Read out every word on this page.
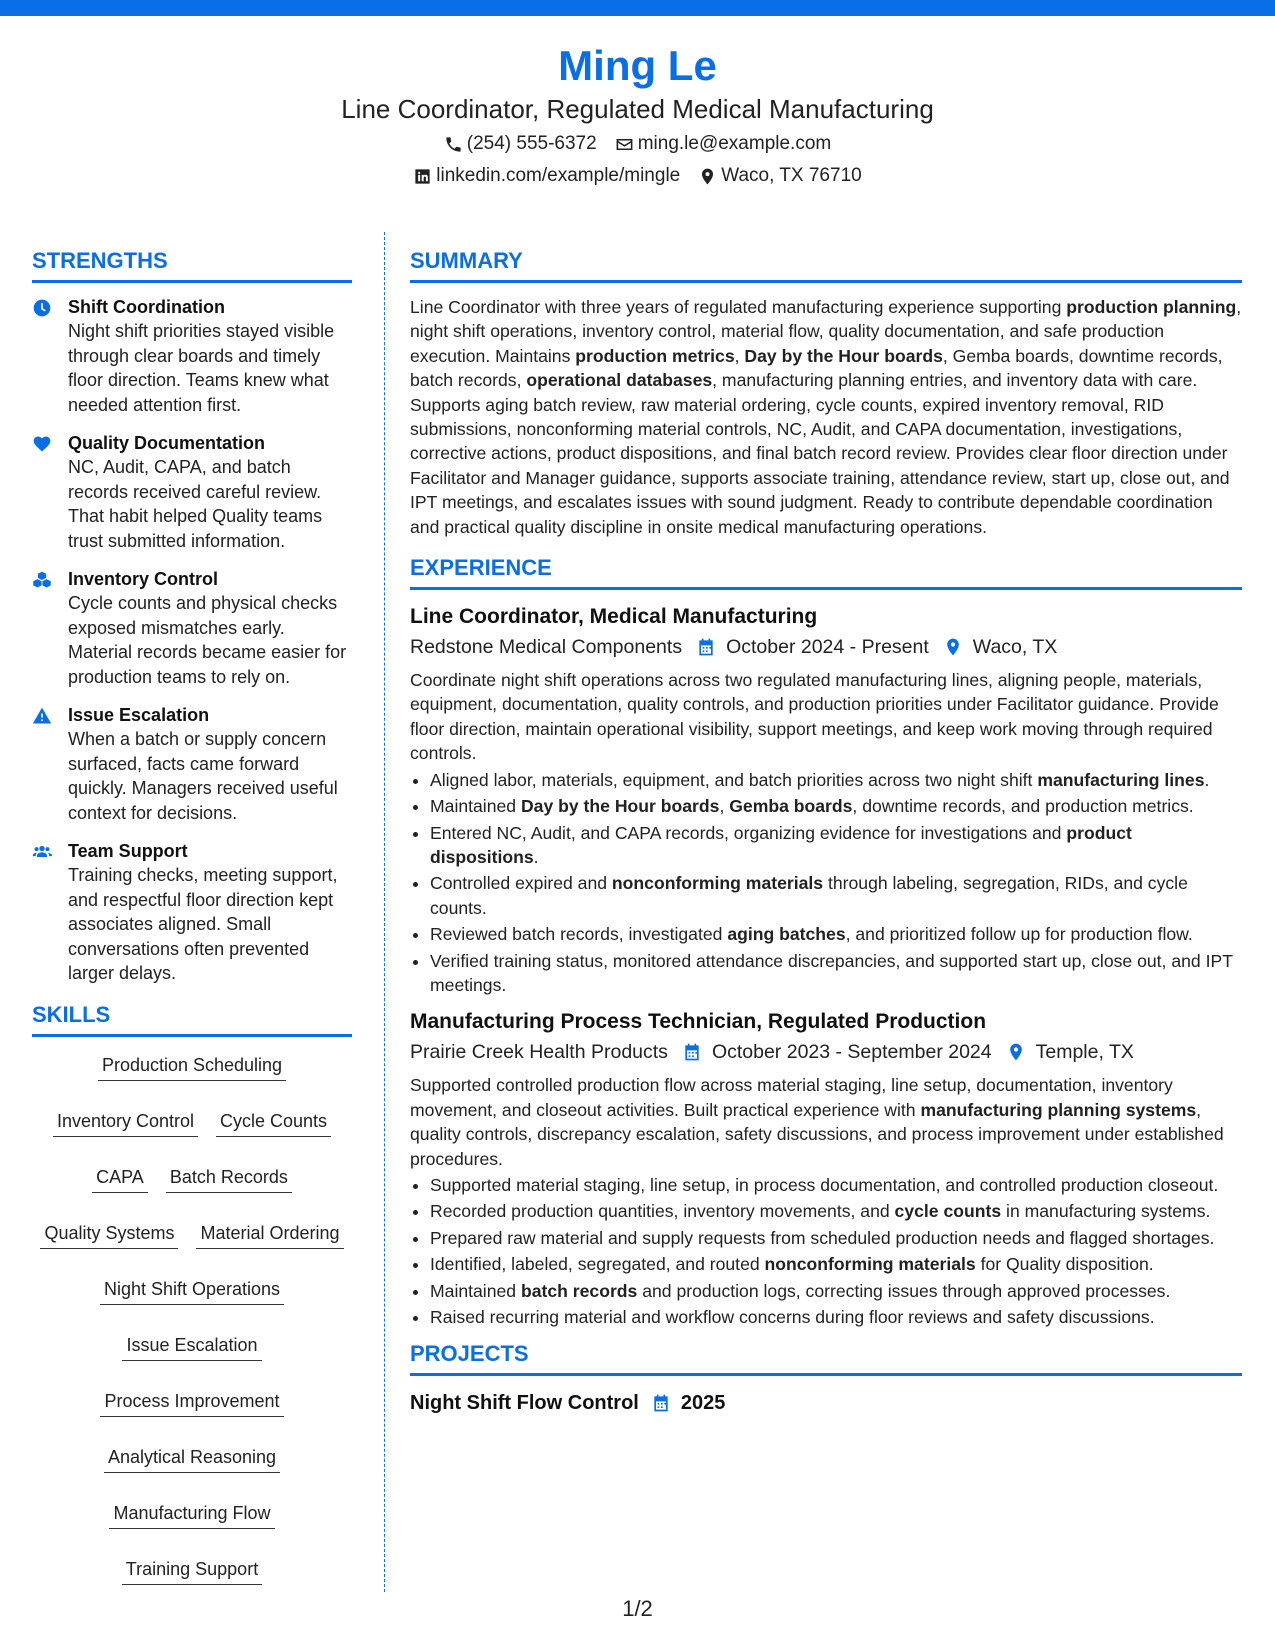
Ming Le
Line Coordinator, Regulated Medical Manufacturing
(254) 555-6372 ming.le@example.com
linkedin.com/example/mingle Waco, TX 76710
STRENGTHS
Shift Coordination

Night shift priorities stayed visible through clear boards and timely floor direction. Teams knew what needed attention first.

Quality Documentation

NC, Audit, CAPA, and batch records received careful review. That habit helped Quality teams trust submitted information.

Inventory Control

Cycle counts and physical checks exposed mismatches early. Material records became easier for production teams to rely on.

Issue Escalation

When a batch or supply concern surfaced, facts came forward quickly. Managers received useful context for decisions.

Team Support

Training checks, meeting support, and respectful floor direction kept associates aligned. Small conversations often prevented larger delays.

SKILLS
Production Scheduling
Inventory Control Cycle Counts
CAPA Batch Records
Quality Systems Material Ordering
Night Shift Operations
Issue Escalation
Process Improvement
Analytical Reasoning
Manufacturing Flow
Training Support
SUMMARY

Line Coordinator with three years of regulated manufacturing experience supporting production planning, night shift operations, inventory control, material flow, quality documentation, and safe production execution. Maintains production metrics, Day by the Hour boards, Gemba boards, downtime records, batch records, operational databases, manufacturing planning entries, and inventory data with care. Supports aging batch review, raw material ordering, cycle counts, expired inventory removal, RID submissions, nonconforming material controls, NC, Audit, and CAPA documentation, investigations, corrective actions, product dispositions, and final batch record review. Provides clear floor direction under Facilitator and Manager guidance, supports associate training, attendance review, start up, close out, and IPT meetings, and escalates issues with sound judgment. Ready to contribute dependable coordination and practical quality discipline in onsite medical manufacturing operations.

EXPERIENCE
Line Coordinator, Medical Manufacturing
Redstone Medical Components October 2024 - Present Waco, TX

Coordinate night shift operations across two regulated manufacturing lines, aligning people, materials, equipment, documentation, quality controls, and production priorities under Facilitator guidance. Provide floor direction, maintain operational visibility, support meetings, and keep work moving through required controls.

• Aligned labor, materials, equipment, and batch priorities across two night shift manufacturing lines.
• Maintained Day by the Hour boards, Gemba boards, downtime records, and production metrics.
• Entered NC, Audit, and CAPA records, organizing evidence for investigations and product dispositions.
• Controlled expired and nonconforming materials through labeling, segregation, RIDs, and cycle counts.
• Reviewed batch records, investigated aging batches, and prioritized follow up for production flow.
• Verified training status, monitored attendance discrepancies, and supported start up, close out, and IPT meetings.
Manufacturing Process Technician, Regulated Production
Prairie Creek Health Products October 2023 - September 2024 Temple, TX

Supported controlled production flow across material staging, line setup, documentation, inventory movement, and closeout activities. Built practical experience with manufacturing planning systems, quality controls, discrepancy escalation, safety discussions, and process improvement under established procedures.

• Supported material staging, line setup, in process documentation, and controlled production closeout.
• Recorded production quantities, inventory movements, and cycle counts in manufacturing systems.
• Prepared raw material and supply requests from scheduled production needs and flagged shortages.
• Identified, labeled, segregated, and routed nonconforming materials for Quality disposition.
• Maintained batch records and production logs, correcting issues through approved processes.
• Raised recurring material and workflow concerns during floor reviews and safety discussions.
PROJECTS
Night Shift Flow Control 2025
1/2
